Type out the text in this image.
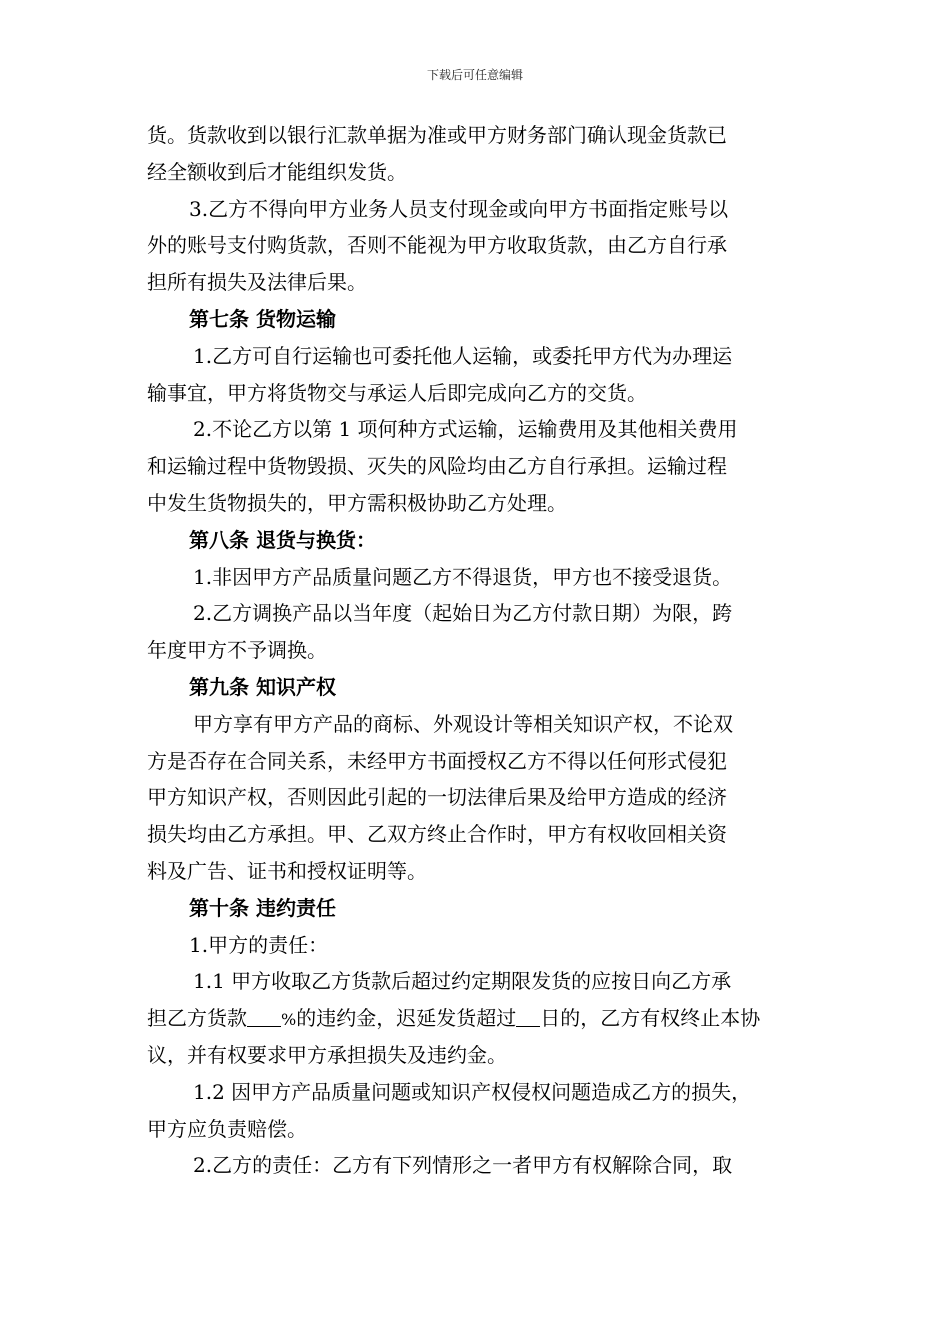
下载后可任意编辑
货。货款收到以银行汇款单据为准或甲方财务部门确认现金货款已
经全额收到后才能组织发货。
3.乙方不得向甲方业务人员支付现金或向甲方书面指定账号以
外的账号支付购货款，否则不能视为甲方收取货款，由乙方自行承
担所有损失及法律后果。
第七条 货物运输
1.乙方可自行运输也可委托他人运输，或委托甲方代为办理运
输事宜，甲方将货物交与承运人后即完成向乙方的交货。
2.不论乙方以第 1 项何种方式运输，运输费用及其他相关费用
和运输过程中货物毁损、灭失的风险均由乙方自行承担。运输过程
中发生货物损失的，甲方需积极协助乙方处理。
第八条 退货与换货：
1.非因甲方产品质量问题乙方不得退货，甲方也不接受退货。
2.乙方调换产品以当年度（起始日为乙方付款日期）为限，跨
年度甲方不予调换。
第九条 知识产权
甲方享有甲方产品的商标、外观设计等相关知识产权，不论双
方是否存在合同关系，未经甲方书面授权乙方不得以任何形式侵犯
甲方知识产权，否则因此引起的一切法律后果及给甲方造成的经济
损失均由乙方承担。甲、乙双方终止合作时，甲方有权收回相关资
料及广告、证书和授权证明等。
第十条 违约责任
1.甲方的责任：
1.1 甲方收取乙方货款后超过约定期限发货的应按日向乙方承
担乙方货款 %的违约金，迟延发货超过 日的，乙方有权终止本协
议，并有权要求甲方承担损失及违约金。
1.2 因甲方产品质量问题或知识产权侵权问题造成乙方的损失，
甲方应负责赔偿。
2.乙方的责任：乙方有下列情形之一者甲方有权解除合同，取
